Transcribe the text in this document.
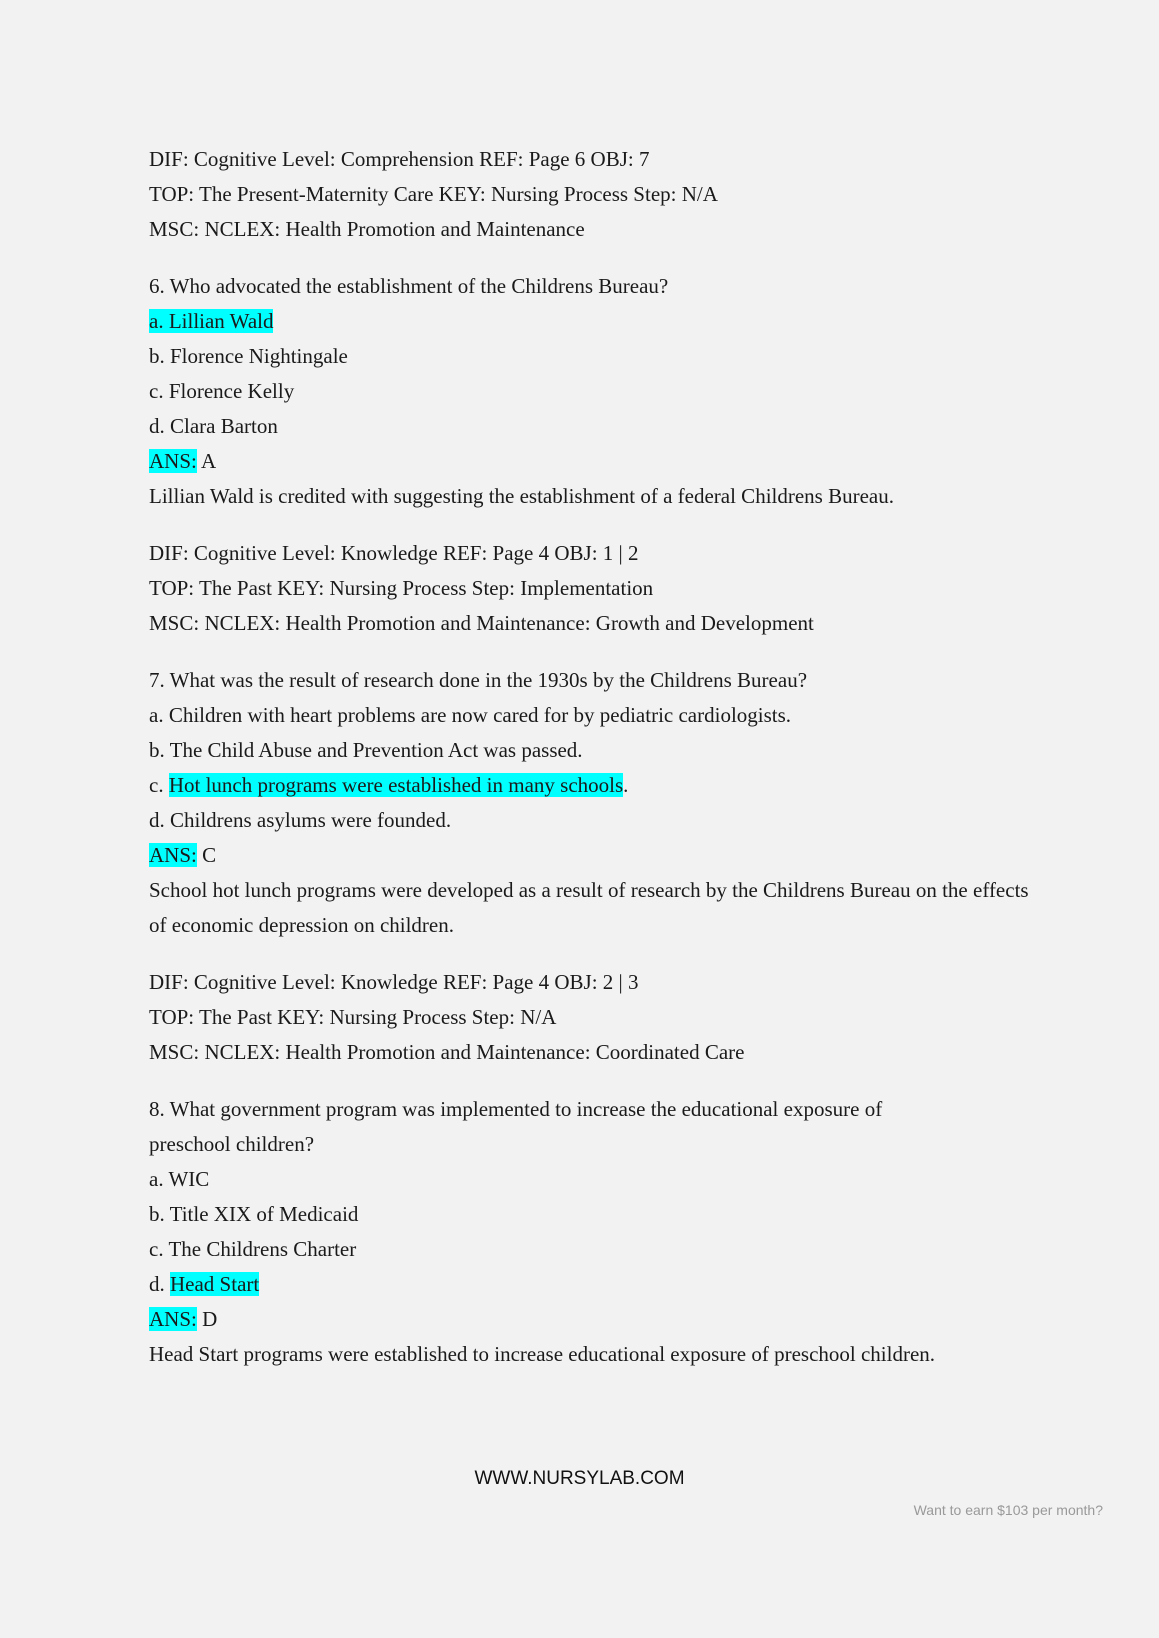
DIF: Cognitive Level: Comprehension REF: Page 6 OBJ: 7

TOP: The Present-Maternity Care KEY: Nursing Process Step: N/A

MSC: NCLEX: Health Promotion and Maintenance

6. Who advocated the establishment of the Childrens Bureau?

a. Lillian Wald

b. Florence Nightingale

c. Florence Kelly

d. Clara Barton

ANS: A

Lillian Wald is credited with suggesting the establishment of a federal Childrens Bureau.

DIF: Cognitive Level: Knowledge REF: Page 4 OBJ: 1 | 2

TOP: The Past KEY: Nursing Process Step: Implementation

MSC: NCLEX: Health Promotion and Maintenance: Growth and Development

7. What was the result of research done in the 1930s by the Childrens Bureau?

a. Children with heart problems are now cared for by pediatric cardiologists.

b. The Child Abuse and Prevention Act was passed.

c. Hot lunch programs were established in many schools.

d. Childrens asylums were founded.

ANS: C

School hot lunch programs were developed as a result of research by the Childrens Bureau on the effects of economic depression on children.

DIF: Cognitive Level: Knowledge REF: Page 4 OBJ: 2 | 3

TOP: The Past KEY: Nursing Process Step: N/A

MSC: NCLEX: Health Promotion and Maintenance: Coordinated Care

8. What government program was implemented to increase the educational exposure of preschool children?

a. WIC

b. Title XIX of Medicaid

c. The Childrens Charter

d. Head Start

ANS: D

Head Start programs were established to increase educational exposure of preschool children.

WWW.NURSYLAB.COM
Want to earn $103 per month?
